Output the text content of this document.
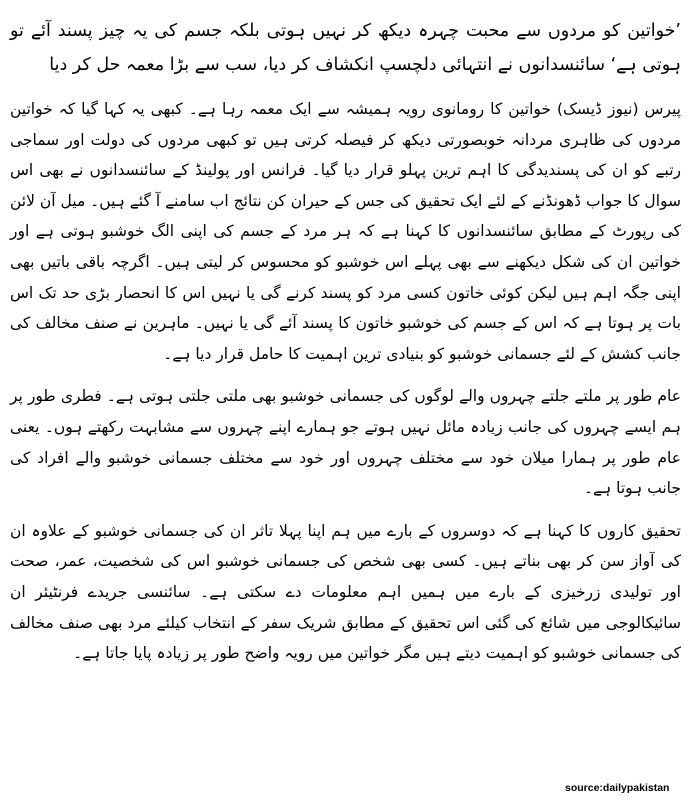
’خواتین کو مردوں سے محبت چہرہ دیکھ کر نہیں ہوتی بلکہ جسم کی یہ چیز پسند آئے تو ہوتی ہے‘ سائنسدانوں نے انتہائی دلچسپ انکشاف کر دیا، سب سے بڑا معمہ حل کر دیا

پیرس (نیوز ڈیسک) خواتین کا رومانوی رویہ ہمیشہ سے ایک معمہ رہا ہے۔ کبھی یہ کہا گیا کہ خواتین مردوں کی ظاہری مردانہ خوبصورتی دیکھ کر فیصلہ کرتی ہیں تو کبھی مردوں کی دولت اور سماجی رتبے کو ان کی پسندیدگی کا اہم ترین پہلو قرار دیا گیا۔ فرانس اور پولینڈ کے سائنسدانوں نے بھی اس سوال کا جواب ڈھونڈنے کے لئے ایک تحقیق کی جس کے حیران کن نتائج اب سامنے آ گئے ہیں۔ میل آن لائن کی رپورٹ کے مطابق سائنسدانوں کا کہنا ہے کہ ہر مرد کے جسم کی اپنی الگ خوشبو ہوتی ہے اور خواتین ان کی شکل دیکھنے سے بھی پہلے اس خوشبو کو محسوس کر لیتی ہیں۔ اگرچہ باقی باتیں بھی اپنی جگہ اہم ہیں لیکن کوئی خاتون کسی مرد کو پسند کرنے گی یا نہیں اس کا انحصار بڑی حد تک اس بات پر ہوتا ہے کہ اس کے جسم کی خوشبو خاتون کا پسند آئے گی یا نہیں۔ ماہرین نے صنف مخالف کی جانب کشش کے لئے جسمانی خوشبو کو بنیادی ترین اہمیت کا حامل قرار دیا ہے۔

عام طور پر ملتے جلتے چہروں والے لوگوں کی جسمانی خوشبو بھی ملتی جلتی ہوتی ہے۔ فطری طور پر ہم ایسے چہروں کی جانب زیادہ مائل نہیں ہوتے جو ہمارے اپنے چہروں سے مشابہت رکھتے ہوں۔ یعنی عام طور پر ہمارا میلان خود سے مختلف چہروں اور خود سے مختلف جسمانی خوشبو والے افراد کی جانب ہوتا ہے۔

تحقیق کاروں کا کہنا ہے کہ دوسروں کے بارے میں ہم اپنا پہلا تاثر ان کی جسمانی خوشبو کے علاوہ ان کی آواز سن کر بھی بناتے ہیں۔ کسی بھی شخص کی جسمانی خوشبو اس کی شخصیت، عمر، صحت اور تولیدی زرخیزی کے بارے میں ہمیں اہم معلومات دے سکتی ہے۔ سائنسی جریدے فرنٹیئر ان سائیکالوجی میں شائع کی گئی اس تحقیق کے مطابق شریک سفر کے انتخاب کیلئے مرد بھی صنف مخالف کی جسمانی خوشبو کو اہمیت دیتے ہیں مگر خواتین میں رویہ واضح طور پر زیادہ پایا جاتا ہے۔

source:dailypakistan
